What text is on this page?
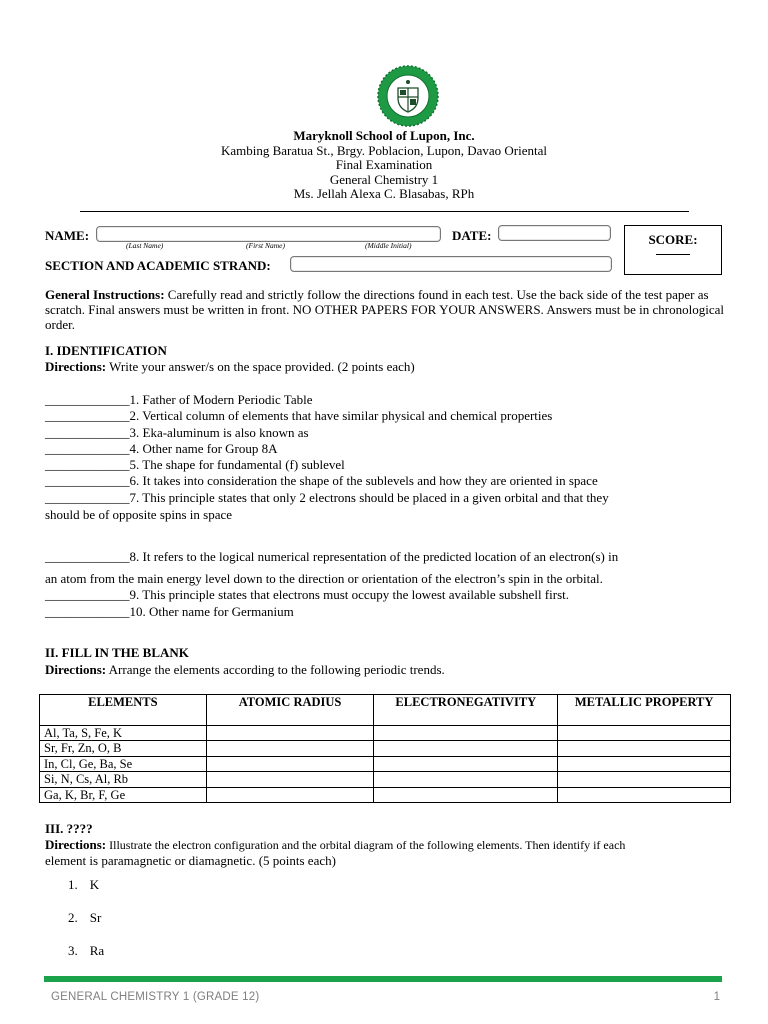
Maryknoll School of Lupon, Inc.
Kambing Baratua St., Brgy. Poblacion, Lupon, Davao Oriental
Final Examination
General Chemistry 1
Ms. Jellah Alexa C. Blasabas, RPh
NAME:
(Last Name)	(First Name)	(Middle Initial)
DATE:
SECTION AND ACADEMIC STRAND:
SCORE:
General Instructions: Carefully read and strictly follow the directions found in each test. Use the back side of the test paper as scratch. Final answers must be written in front. NO OTHER PAPERS FOR YOUR ANSWERS. Answers must be in chronological order.
I. IDENTIFICATION
Directions: Write your answer/s on the space provided. (2 points each)
_____________1. Father of Modern Periodic Table
_____________2. Vertical column of elements that have similar physical and chemical properties
_____________3. Eka-aluminum is also known as
_____________4. Other name for Group 8A
_____________5. The shape for fundamental (f) sublevel
_____________6. It takes into consideration the shape of the sublevels and how they are oriented in space
_____________7. This principle states that only 2 electrons should be placed in a given orbital and that they
should be of opposite spins in space
_____________8. It refers to the logical numerical representation of the predicted location of an electron(s) in
an atom from the main energy level down to the direction or orientation of the electron’s spin in the orbital.
_____________9. This principle states that electrons must occupy the lowest available subshell first.
_____________10. Other name for Germanium
II. FILL IN THE BLANK
Directions: Arrange the elements according to the following periodic trends.
ELEMENTS	ATOMIC RADIUS	ELECTRONEGATIVITY	METALLIC PROPERTY
Al, Ta, S, Fe, K			
Sr, Fr, Zn, O, B			
In, Cl, Ge, Ba, Se			
Si, N, Cs, Al, Rb			
Ga, K, Br, F, Ge			
III. ????
Directions: Illustrate the electron configuration and the orbital diagram of the following elements. Then identify if each
element is paramagnetic or diamagnetic. (5 points each)
1. K
2. Sr
3. Ra
GENERAL CHEMISTRY 1 (GRADE 12)	1
